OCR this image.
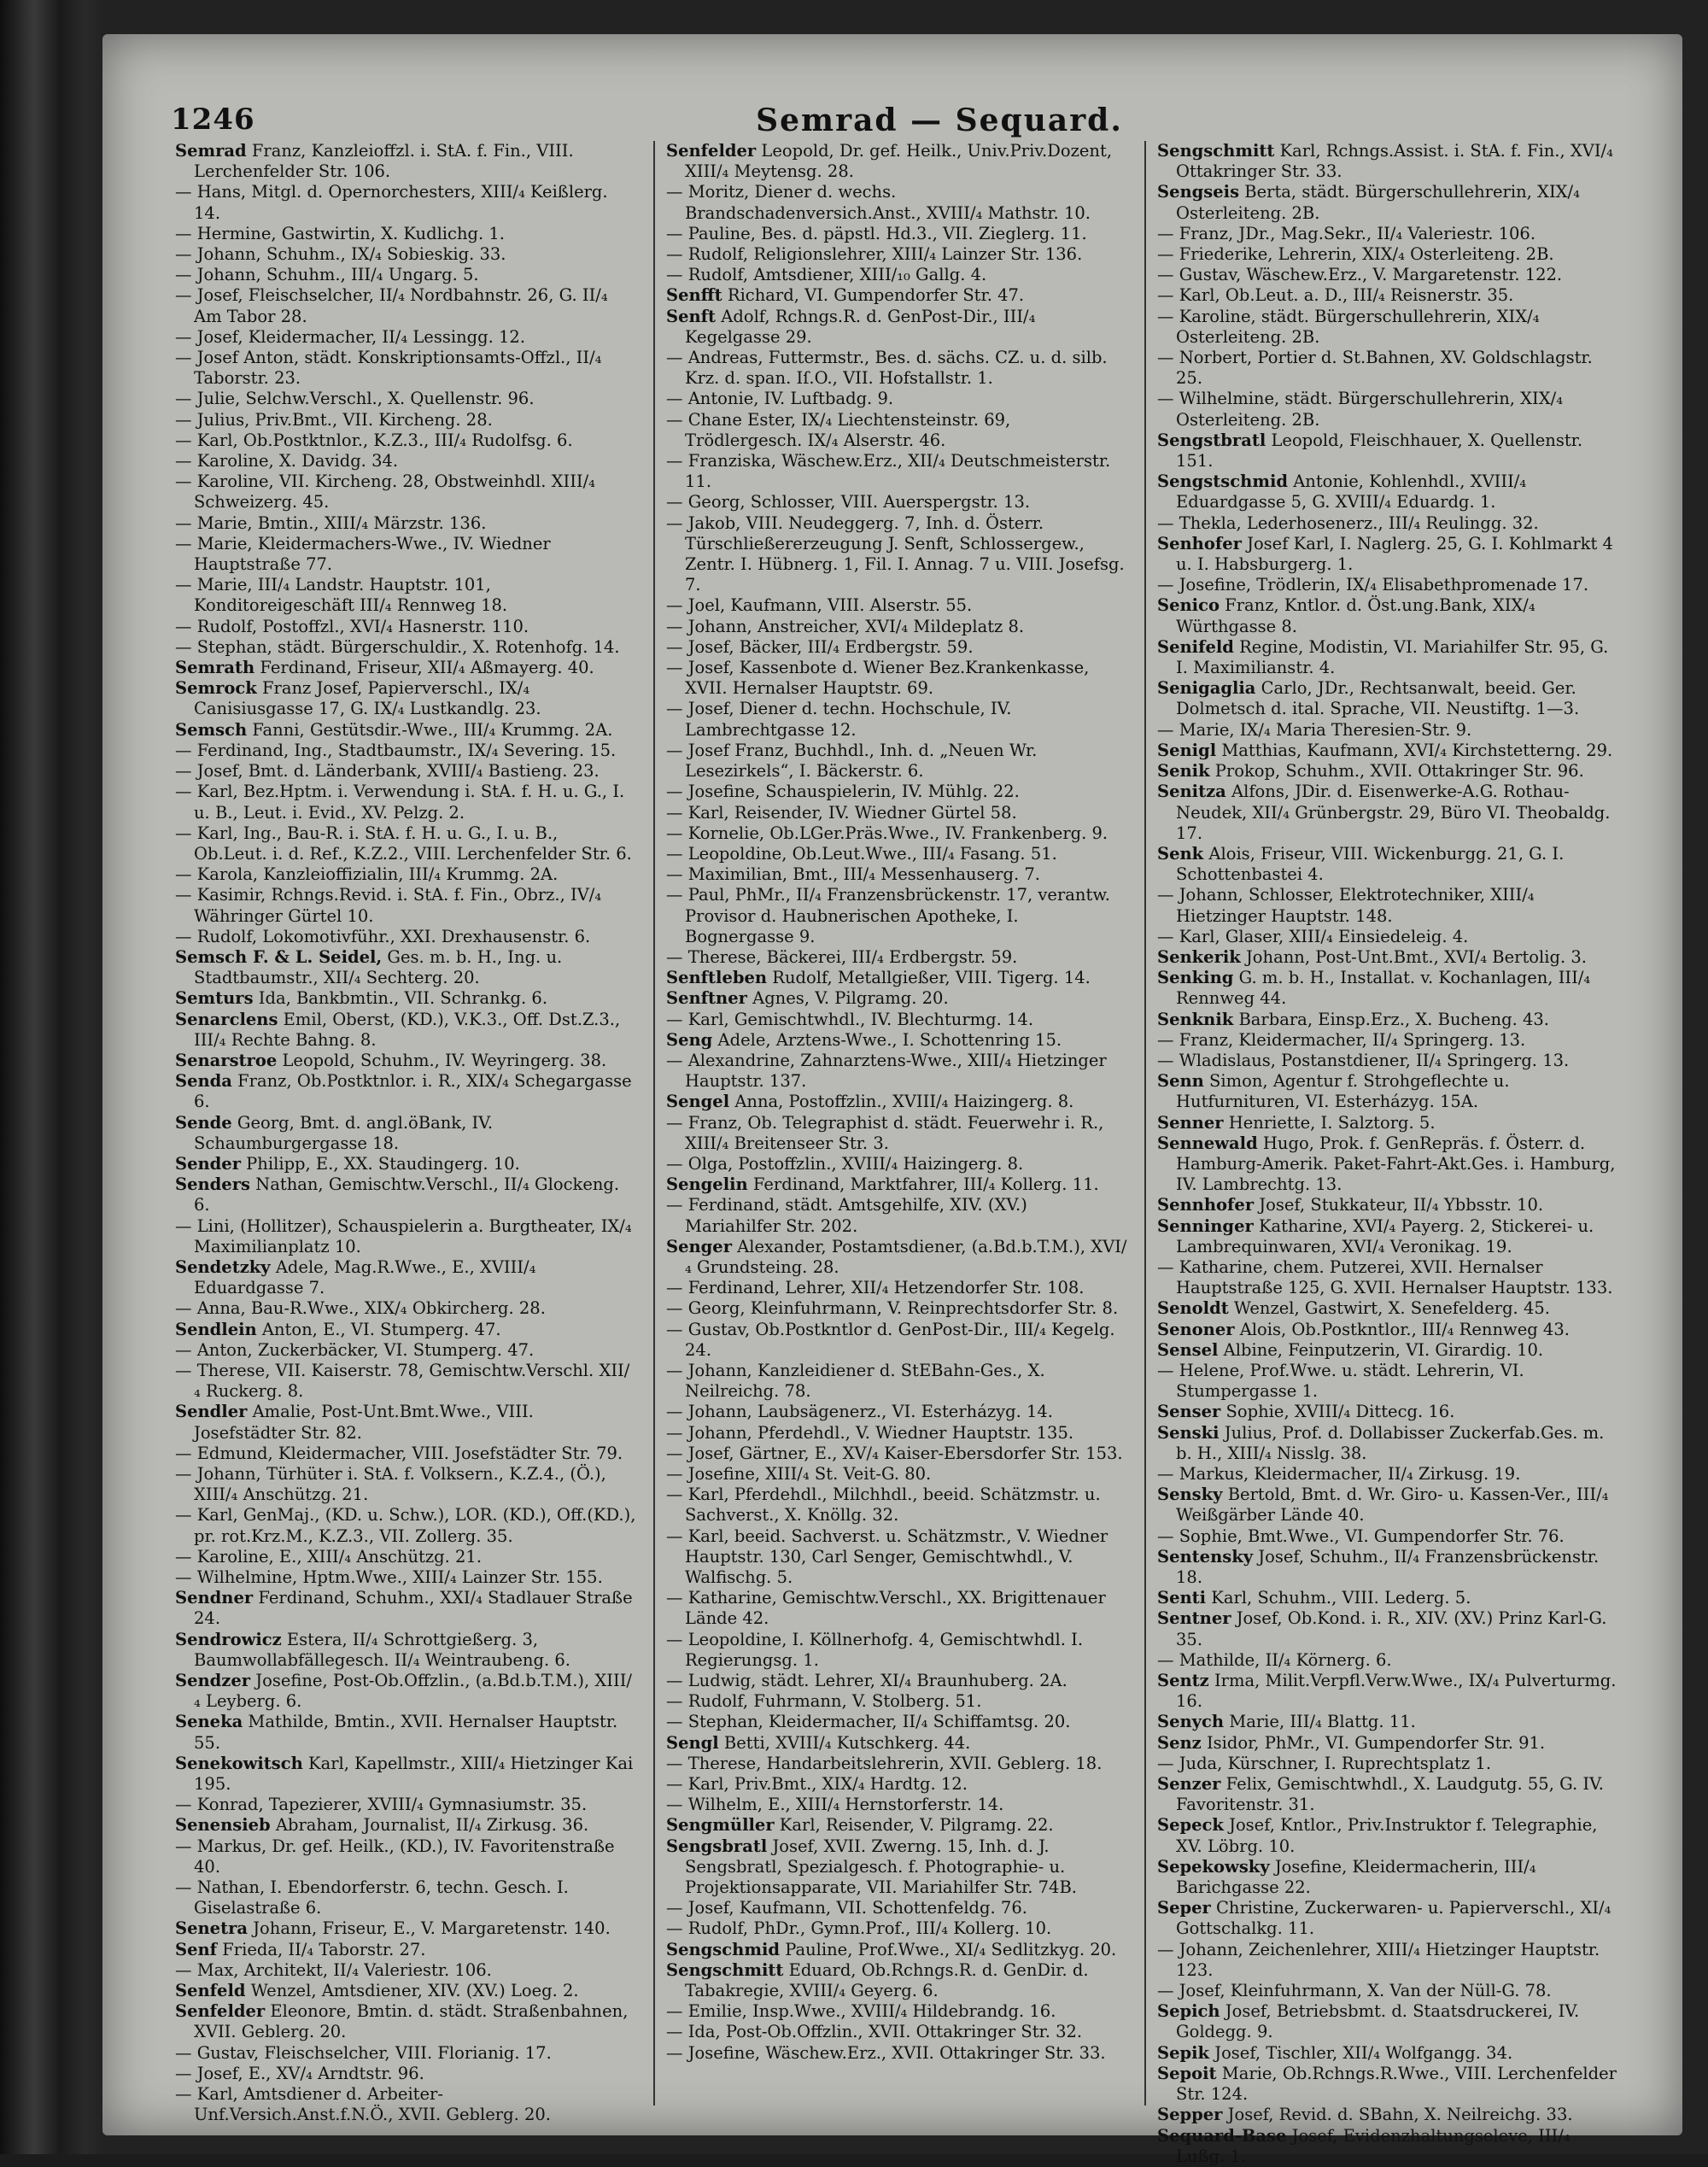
1246	Semrad — Sequard.

Semrad Franz, Kanzleioffzl. i. StA. f. Fin., VIII. Lerchenfelder Str. 106.

— Hans, Mitgl. d. Opernorchesters, XIII/₄ Keißlerg. 14.

— Hermine, Gastwirtin, X. Kudlichg. 1.

— Johann, Schuhm., IX/₄ Sobieskig. 33.

— Johann, Schuhm., III/₄ Ungarg. 5.

— Josef, Fleischselcher, II/₄ Nordbahnstr. 26, G. II/₄ Am Tabor 28.

— Josef, Kleidermacher, II/₄ Lessingg. 12.

— Josef Anton, städt. Konskriptionsamts-Offzl., II/₄ Taborstr. 23.

— Julie, Selchw.Verschl., X. Quellenstr. 96.

— Julius, Priv.Bmt., VII. Kircheng. 28.

— Karl, Ob.Postktnlor., K.Z.3., III/₄ Rudolfsg. 6.

— Karoline, X. Davidg. 34.

— Karoline, VII. Kircheng. 28, Obstweinhdl. XIII/₄ Schweizerg. 45.

— Marie, Bmtin., XIII/₄ Märzstr. 136.

— Marie, Kleidermachers-Wwe., IV. Wiedner Hauptstraße 77.

— Marie, III/₄ Landstr. Hauptstr. 101, Konditoreigeschäft III/₄ Rennweg 18.

— Rudolf, Postoffzl., XVI/₄ Hasnerstr. 110.

— Stephan, städt. Bürgerschuldir., X. Rotenhofg. 14.

Semrath Ferdinand, Friseur, XII/₄ Aßmayerg. 40.

Semrock Franz Josef, Papierverschl., IX/₄ Canisiusgasse 17, G. IX/₄ Lustkandlg. 23.

Semsch Fanni, Gestütsdir.-Wwe., III/₄ Krummg. 2A.

— Ferdinand, Ing., Stadtbaumstr., IX/₄ Severing. 15.

— Josef, Bmt. d. Länderbank, XVIII/₄ Bastieng. 23.

— Karl, Bez.Hptm. i. Verwendung i. StA. f. H. u. G., I. u. B., Leut. i. Evid., XV. Pelzg. 2.

— Karl, Ing., Bau-R. i. StA. f. H. u. G., I. u. B., Ob.Leut. i. d. Ref., K.Z.2., VIII. Lerchenfelder Str. 6.

— Karola, Kanzleioffizialin, III/₄ Krummg. 2A.

— Kasimir, Rchngs.Revid. i. StA. f. Fin., Obrz., IV/₄ Währinger Gürtel 10.

— Rudolf, Lokomotivführ., XXI. Drexhausenstr. 6.

Semsch F. & L. Seidel, Ges. m. b. H., Ing. u. Stadtbaumstr., XII/₄ Sechterg. 20.

Semturs Ida, Bankbmtin., VII. Schrankg. 6.

Senarclens Emil, Oberst, (KD.), V.K.3., Off. Dst.Z.3., III/₄ Rechte Bahng. 8.

Senarstroe Leopold, Schuhm., IV. Weyringerg. 38.

Senda Franz, Ob.Postktnlor. i. R., XIX/₄ Schegargasse 6.

Sende Georg, Bmt. d. angl.öBank, IV. Schaumburgergasse 18.

Sender Philipp, E., XX. Staudingerg. 10.

Senders Nathan, Gemischtw.Verschl., II/₄ Glockeng. 6.

— Lini, (Hollitzer), Schauspielerin a. Burgtheater, IX/₄ Maximilianplatz 10.

Sendetzky Adele, Mag.R.Wwe., E., XVIII/₄ Eduardgasse 7.

— Anna, Bau-R.Wwe., XIX/₄ Obkircherg. 28.

Sendlein Anton, E., VI. Stumperg. 47.

— Anton, Zuckerbäcker, VI. Stumperg. 47.

— Therese, VII. Kaiserstr. 78, Gemischtw.Verschl. XII/₄ Ruckerg. 8.

Sendler Amalie, Post-Unt.Bmt.Wwe., VIII. Josefstädter Str. 82.

— Edmund, Kleidermacher, VIII. Josefstädter Str. 79.

— Johann, Türhüter i. StA. f. Volksern., K.Z.4., (Ö.), XIII/₄ Anschützg. 21.

— Karl, GenMaj., (KD. u. Schw.), LOR. (KD.), Off.(KD.), pr. rot.Krz.M., K.Z.3., VII. Zollerg. 35.

— Karoline, E., XIII/₄ Anschützg. 21.

— Wilhelmine, Hptm.Wwe., XIII/₄ Lainzer Str. 155.

Sendner Ferdinand, Schuhm., XXI/₄ Stadlauer Straße 24.

Sendrowicz Estera, II/₄ Schrottgießerg. 3, Baumwollabfällegesch. II/₄ Weintraubeng. 6.

Sendzer Josefine, Post-Ob.Offzlin., (a.Bd.b.T.M.), XIII/₄ Leyberg. 6.

Seneka Mathilde, Bmtin., XVII. Hernalser Hauptstr. 55.

Senekowitsch Karl, Kapellmstr., XIII/₄ Hietzinger Kai 195.

— Konrad, Tapezierer, XVIII/₄ Gymnasiumstr. 35.

Senensieb Abraham, Journalist, II/₄ Zirkusg. 36.

— Markus, Dr. gef. Heilk., (KD.), IV. Favoritenstraße 40.

— Nathan, I. Ebendorferstr. 6, techn. Gesch. I. Giselastraße 6.

Senetra Johann, Friseur, E., V. Margaretenstr. 140.

Senf Frieda, II/₄ Taborstr. 27.

— Max, Architekt, II/₄ Valeriestr. 106.

Senfeld Wenzel, Amtsdiener, XIV. (XV.) Loeg. 2.

Senfelder Eleonore, Bmtin. d. städt. Straßenbahnen, XVII. Geblerg. 20.

— Gustav, Fleischselcher, VIII. Florianig. 17.

— Josef, E., XV/₄ Arndtstr. 96.

— Karl, Amtsdiener d. Arbeiter-Unf.Versich.Anst.f.N.Ö., XVII. Geblerg. 20.

Senfelder Leopold, Dr. gef. Heilk., Univ.Priv.Dozent, XIII/₄ Meytensg. 28.

— Moritz, Diener d. wechs. Brandschadenversich.Anst., XVIII/₄ Mathstr. 10.

— Pauline, Bes. d. päpstl. Hd.3., VII. Zieglerg. 11.

— Rudolf, Religionslehrer, XIII/₄ Lainzer Str. 136.

— Rudolf, Amtsdiener, XIII/₁₀ Gallg. 4.

Senfft Richard, VI. Gumpendorfer Str. 47.

Senft Adolf, Rchngs.R. d. GenPost-Dir., III/₄ Kegelgasse 29.

— Andreas, Futtermstr., Bes. d. sächs. CZ. u. d. silb. Krz. d. span. Iſ.O., VII. Hofstallstr. 1.

— Antonie, IV. Luftbadg. 9.

— Chane Ester, IX/₄ Liechtensteinstr. 69, Trödlergesch. IX/₄ Alserstr. 46.

— Franziska, Wäschew.Erz., XII/₄ Deutschmeisterstr. 11.

— Georg, Schlosser, VIII. Auerspergstr. 13.

— Jakob, VIII. Neudeggerg. 7, Inh. d. Österr. Türschließererzeugung J. Senft, Schlossergew., Zentr. I. Hübnerg. 1, Fil. I. Annag. 7 u. VIII. Josefsg. 7.

— Joel, Kaufmann, VIII. Alserstr. 55.

— Johann, Anstreicher, XVI/₄ Mildeplatz 8.

— Josef, Bäcker, III/₄ Erdbergstr. 59.

— Josef, Kassenbote d. Wiener Bez.Krankenkasse, XVII. Hernalser Hauptstr. 69.

— Josef, Diener d. techn. Hochschule, IV. Lambrechtgasse 12.

— Josef Franz, Buchhdl., Inh. d. „Neuen Wr. Lesezirkels“, I. Bäckerstr. 6.

— Josefine, Schauspielerin, IV. Mühlg. 22.

— Karl, Reisender, IV. Wiedner Gürtel 58.

— Kornelie, Ob.LGer.Präs.Wwe., IV. Frankenberg. 9.

— Leopoldine, Ob.Leut.Wwe., III/₄ Fasang. 51.

— Maximilian, Bmt., III/₄ Messenhauserg. 7.

— Paul, PhMr., II/₄ Franzensbrückenstr. 17, verantw. Provisor d. Haubnerischen Apotheke, I. Bognergasse 9.

— Therese, Bäckerei, III/₄ Erdbergstr. 59.

Senftleben Rudolf, Metallgießer, VIII. Tigerg. 14.

Senftner Agnes, V. Pilgramg. 20.

— Karl, Gemischtwhdl., IV. Blechturmg. 14.

Seng Adele, Arztens-Wwe., I. Schottenring 15.

— Alexandrine, Zahnarztens-Wwe., XIII/₄ Hietzinger Hauptstr. 137.

Sengel Anna, Postoffzlin., XVIII/₄ Haizingerg. 8.

— Franz, Ob. Telegraphist d. städt. Feuerwehr i. R., XIII/₄ Breitenseer Str. 3.

— Olga, Postoffzlin., XVIII/₄ Haizingerg. 8.

Sengelin Ferdinand, Marktfahrer, III/₄ Kollerg. 11.

— Ferdinand, städt. Amtsgehilfe, XIV. (XV.) Mariahilfer Str. 202.

Senger Alexander, Postamtsdiener, (a.Bd.b.T.M.), XVI/₄ Grundsteing. 28.

— Ferdinand, Lehrer, XII/₄ Hetzendorfer Str. 108.

— Georg, Kleinfuhrmann, V. Reinprechtsdorfer Str. 8.

— Gustav, Ob.Postkntlor d. GenPost-Dir., III/₄ Kegelg. 24.

— Johann, Kanzleidiener d. StEBahn-Ges., X. Neilreichg. 78.

— Johann, Laubsägenerz., VI. Esterházyg. 14.

— Johann, Pferdehdl., V. Wiedner Hauptstr. 135.

— Josef, Gärtner, E., XV/₄ Kaiser-Ebersdorfer Str. 153.

— Josefine, XIII/₄ St. Veit-G. 80.

— Karl, Pferdehdl., Milchhdl., beeid. Schätzmstr. u. Sachverst., X. Knöllg. 32.

— Karl, beeid. Sachverst. u. Schätzmstr., V. Wiedner Hauptstr. 130, Carl Senger, Gemischtwhdl., V. Walfischg. 5.

— Katharine, Gemischtw.Verschl., XX. Brigittenauer Lände 42.

— Leopoldine, I. Köllnerhofg. 4, Gemischtwhdl. I. Regierungsg. 1.

— Ludwig, städt. Lehrer, XI/₄ Braunhuberg. 2A.

— Rudolf, Fuhrmann, V. Stolberg. 51.

— Stephan, Kleidermacher, II/₄ Schiffamtsg. 20.

Sengl Betti, XVIII/₄ Kutschkerg. 44.

— Therese, Handarbeitslehrerin, XVII. Geblerg. 18.

— Karl, Priv.Bmt., XIX/₄ Hardtg. 12.

— Wilhelm, E., XIII/₄ Hernstorferstr. 14.

Sengmüller Karl, Reisender, V. Pilgramg. 22.

Sengsbratl Josef, XVII. Zwerng. 15, Inh. d. J. Sengsbratl, Spezialgesch. f. Photographie- u. Projektionsapparate, VII. Mariahilfer Str. 74B.

— Josef, Kaufmann, VII. Schottenfeldg. 76.

— Rudolf, PhDr., Gymn.Prof., III/₄ Kollerg. 10.

Sengschmid Pauline, Prof.Wwe., XI/₄ Sedlitzkyg. 20.

Sengschmitt Eduard, Ob.Rchngs.R. d. GenDir. d. Tabakregie, XVIII/₄ Geyerg. 6.

— Emilie, Insp.Wwe., XVIII/₄ Hildebrandg. 16.

— Ida, Post-Ob.Offzlin., XVII. Ottakringer Str. 32.

— Josefine, Wäschew.Erz., XVII. Ottakringer Str. 33.

Sengschmitt Karl, Rchngs.Assist. i. StA. f. Fin., XVI/₄ Ottakringer Str. 33.

Sengseis Berta, städt. Bürgerschullehrerin, XIX/₄ Osterleiteng. 2B.

— Franz, JDr., Mag.Sekr., II/₄ Valeriestr. 106.

— Friederike, Lehrerin, XIX/₄ Osterleiteng. 2B.

— Gustav, Wäschew.Erz., V. Margaretenstr. 122.

— Karl, Ob.Leut. a. D., III/₄ Reisnerstr. 35.

— Karoline, städt. Bürgerschullehrerin, XIX/₄ Osterleiteng. 2B.

— Norbert, Portier d. St.Bahnen, XV. Goldschlagstr. 25.

— Wilhelmine, städt. Bürgerschullehrerin, XIX/₄ Osterleiteng. 2B.

Sengstbratl Leopold, Fleischhauer, X. Quellenstr. 151.

Sengstschmid Antonie, Kohlenhdl., XVIII/₄ Eduardgasse 5, G. XVIII/₄ Eduardg. 1.

— Theklа, Lederhosenerz., III/₄ Reulingg. 32.

Senhofer Josef Karl, I. Naglerg. 25, G. I. Kohlmarkt 4 u. I. Habsburgerg. 1.

— Josefine, Trödlerin, IX/₄ Elisabethpromenade 17.

Senico Franz, Kntlor. d. Öst.ung.Bank, XIX/₄ Würthgasse 8.

Senifeld Regine, Modistin, VI. Mariahilfer Str. 95, G. I. Maximilianstr. 4.

Senigaglia Carlo, JDr., Rechtsanwalt, beeid. Ger. Dolmetsch d. ital. Sprache, VII. Neustiftg. 1—3.

— Marie, IX/₄ Maria Theresien-Str. 9.

Senigl Matthias, Kaufmann, XVI/₄ Kirchstetterng. 29.

Senik Prokop, Schuhm., XVII. Ottakringer Str. 96.

Senitza Alfons, JDir. d. Eisenwerke-A.G. Rothau-Neudek, XII/₄ Grünbergstr. 29, Büro VI. Theobaldg. 17.

Senk Alois, Friseur, VIII. Wickenburgg. 21, G. I. Schottenbastei 4.

— Johann, Schlosser, Elektrotechniker, XIII/₄ Hietzinger Hauptstr. 148.

— Karl, Glaser, XIII/₄ Einsiedeleig. 4.

Senkerik Johann, Post-Unt.Bmt., XVI/₄ Bertolig. 3.

Senking G. m. b. H., Installat. v. Kochanlagen, III/₄ Rennweg 44.

Senknik Barbara, Einsp.Erz., X. Bucheng. 43.

— Franz, Kleidermacher, II/₄ Springerg. 13.

— Wladislaus, Postanstdiener, II/₄ Springerg. 13.

Senn Simon, Agentur f. Strohgeflechte u. Hutfurnituren, VI. Esterházyg. 15A.

Senner Henriette, I. Salztorg. 5.

Sennewald Hugo, Prok. f. GenRepräs. f. Österr. d. Hamburg-Amerik. Paket-Fahrt-Akt.Ges. i. Hamburg, IV. Lambrechtg. 13.

Sennhofer Josef, Stukkateur, II/₄ Ybbsstr. 10.

Senninger Katharine, XVI/₄ Payerg. 2, Stickerei- u. Lambrequinwaren, XVI/₄ Veronikag. 19.

— Katharine, chem. Putzerei, XVII. Hernalser Hauptstraße 125, G. XVII. Hernalser Hauptstr. 133.

Senoldt Wenzel, Gastwirt, X. Senefelderg. 45.

Senoner Alois, Ob.Postkntlor., III/₄ Rennweg 43.

Sensel Albine, Feinputzerin, VI. Girardig. 10.

— Helene, Prof.Wwe. u. städt. Lehrerin, VI. Stumpergasse 1.

Senser Sophie, XVIII/₄ Ditteсg. 16.

Senski Julius, Prof. d. Dollabisser Zuckerfab.Ges. m. b. H., XIII/₄ Nisslg. 38.

— Markus, Kleidermacher, II/₄ Zirkusg. 19.

Sensky Bertold, Bmt. d. Wr. Giro- u. Kassen-Ver., III/₄ Weißgärber Lände 40.

— Sophie, Bmt.Wwe., VI. Gumpendorfer Str. 76.

Sentensky Josef, Schuhm., II/₄ Franzensbrückenstr. 18.

Senti Karl, Schuhm., VIII. Lederg. 5.

Sentner Josef, Ob.Kond. i. R., XIV. (XV.) Prinz Karl-G. 35.

— Mathilde, II/₄ Körnerg. 6.

Sentz Irma, Milit.Verpfl.Verw.Wwe., IX/₄ Pulverturmg. 16.

Senych Marie, III/₄ Blattg. 11.

Senz Isidor, PhMr., VI. Gumpendorfer Str. 91.

— Juda, Kürschner, I. Ruprechtsplatz 1.

Senzer Felix, Gemischtwhdl., X. Laudgutg. 55, G. IV. Favoritenstr. 31.

Sepeck Josef, Kntlor., Priv.Instruktor f. Telegraphie, XV. Löbrg. 10.

Sepekowsky Josefine, Kleidermacherin, III/₄ Barichgasse 22.

Seper Christine, Zuckerwaren- u. Papierverschl., XI/₄ Gottschalkg. 11.

— Johann, Zeichenlehrer, XIII/₄ Hietzinger Hauptstr. 123.

— Josef, Kleinfuhrmann, X. Van der Nüll-G. 78.

Sepich Josef, Betriebsbmt. d. Staatsdruckerei, IV. Goldegg. 9.

Sepik Josef, Tischler, XII/₄ Wolfgangg. 34.

Sepoit Marie, Ob.Rchngs.R.Wwe., VIII. Lerchenfelder Str. 124.

Sepper Josef, Revid. d. SBahn, X. Neilreichg. 33.

Sequard-Base Josef, Evidenzhaltungseleve, III/₄ Lußg. 1.
